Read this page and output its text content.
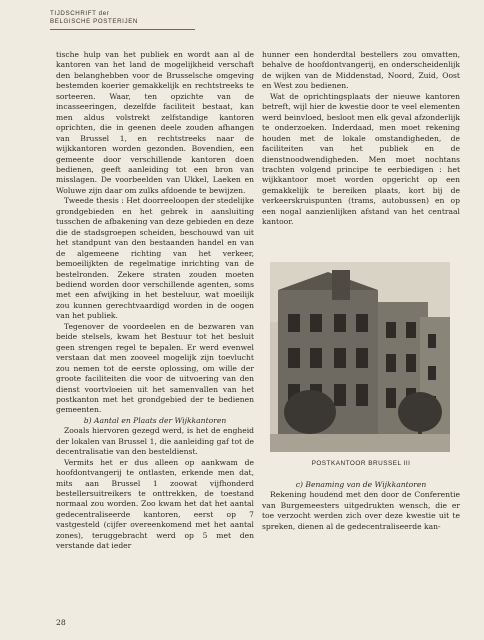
TIJDSCHRIFT der
BELGISCHE POSTERIJEN

tische hulp van het publiek en wordt aan al de kantoren van het land de mogelijkheid verschaft den belanghebben voor de Brusselsche omgeving bestemden koerier gemakkelijk en rechtstreeks te sorteeren. Waar, ten opzichte van de incasseeringen, dezelfde faciliteit bestaat, kan men aldus volstrekt zelfstandige kantoren oprichten, die in geenen deele zouden afhangen van Brussel 1, en rechtstreeks naar de wijkkantoren worden gezonden. Bovendien, een gemeente door verschillende kantoren doen bedienen, geeft aanleiding tot een bron van misslagen. De voorbeelden van Ukkel, Laeken en Woluwe zijn daar om zulks afdoende te bewijzen.

Tweede thesis : Het doorreeloopen der stedelijke grondgebieden en het gebrek in aansluiting tusschen de afbakening van deze gebieden en deze die de stadsgroepen scheiden, beschouwd van uit het standpunt van den bestaanden handel en van de algemeene richting van het verkeer, bemoeilijkten de regelmatige inrichting van de bestelronden. Zekere straten zouden moeten bediend worden door verschillende agenten, soms met een afwijking in het besteluur, wat moeilijk zou kunnen gerechtvaardigd worden in de oogen van het publiek.

Tegenover de voordeelen en de bezwaren van beide stelsels, kwam het Bestuur tot het besluit geen strengen regel te bepalen. Er werd evenwel verstaan dat men zooveel mogelijk zijn toevlucht zou nemen tot de eerste oplossing, om wille der groote faciliteiten die voor de uitvoering van den dienst voortvloeien uit het samenvallen van het postkanton met het grondgebied der te bedienen gemeenten.

b) Aantal en Plaats der Wijkkantoren

Zooals hiervoren gezegd werd, is het de engheid der lokalen van Brussel 1, die aanleiding gaf tot de decentralisatie van den besteldienst.

Vermits het er dus alleen op aankwam de hoofdontvangerij te ontlasten, erkende men dat, mits aan Brussel 1 zoowat vijfhonderd bestellersuitreikers te onttrekken, de toestand normaal zou worden. Zoo kwam het dat het aantal gedecentraliseerde kantoren, eerst op 7 vastgesteld (cijfer overeenkomend met het aantal zones), teruggebracht werd op 5 met den verstande dat ieder

hunner een honderdtal bestellers zou omvatten, behalve de hoofdontvangerij, en onderscheidenlijk de wijken van de Middenstad, Noord, Zuid, Oost en West zou bedienen.

Wat de oprichtingsplaats der nieuwe kantoren betreft, wijl hier de kwestie door te veel elementen werd beinvloed, besloot men elk geval afzonderlijk te onderzoeken. Inderdaad, men moet rekening houden met de lokale omstandigheden, de faciliteiten van het publiek en de dienstnoodwendigheden. Men moet nochtans trachten volgend principe te eerbiedigen : het wijkkantoor moet worden opgericht op een gemakkelijk te bereiken plaats, kort bij de verkeerskruispunten (trams, autobussen) en op een nogal aanzienlijken afstand van het centraal kantoor.

POSTKANTOOR BRUSSEL III

c) Benaming van de Wijkkantoren

Rekening houdend met den door de Conferentie van Burgemeesters uitgedrukten wensch, die er toe verzocht werden zich over deze kwestie uit te spreken, dienen al de gedecentraliseerde kan-

28
